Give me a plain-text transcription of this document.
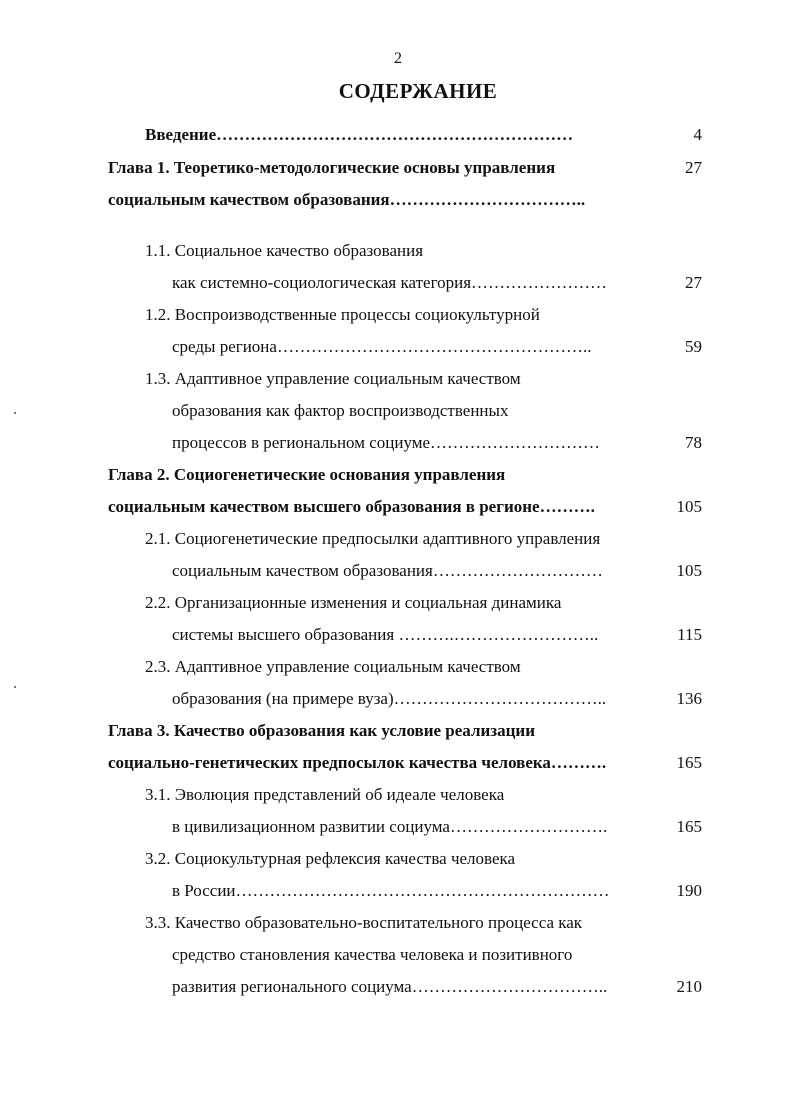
2
СОДЕРЖАНИЕ
Введение………………………………………………………	4
Глава 1. Теоретико-методологические основы управления	27
социальным качеством образования……………………………..
1.1. Социальное качество образования
как системно-социологическая категория……………………	27
1.2. Воспроизводственные процессы социокультурной
среды региона………………………………………………..	59
1.3. Адаптивное управление социальным качеством
образования как фактор воспроизводственных
процессов в региональном социуме…………………………	78
Глава 2. Социогенетические основания управления
социальным качеством высшего образования в регионе……….	105
2.1. Социогенетические предпосылки адаптивного управления
социальным качеством образования…………………………	105
2.2. Организационные изменения и социальная динамика
системы высшего образования ……….……………………..	115
2.3. Адаптивное управление социальным качеством
образования (на примере вуза)………………………………..	136
Глава 3. Качество образования как условие реализации
социально-генетических предпосылок качества человека……….	165
3.1. Эволюция представлений об идеале человека
в цивилизационном развитии социума……………………….	165
3.2. Социокультурная рефлексия качества человека
в России…………………………………………………………	190
3.3. Качество образовательно-воспитательного процесса как
средство становления качества человека и позитивного
развития регионального социума……………………………..	210
